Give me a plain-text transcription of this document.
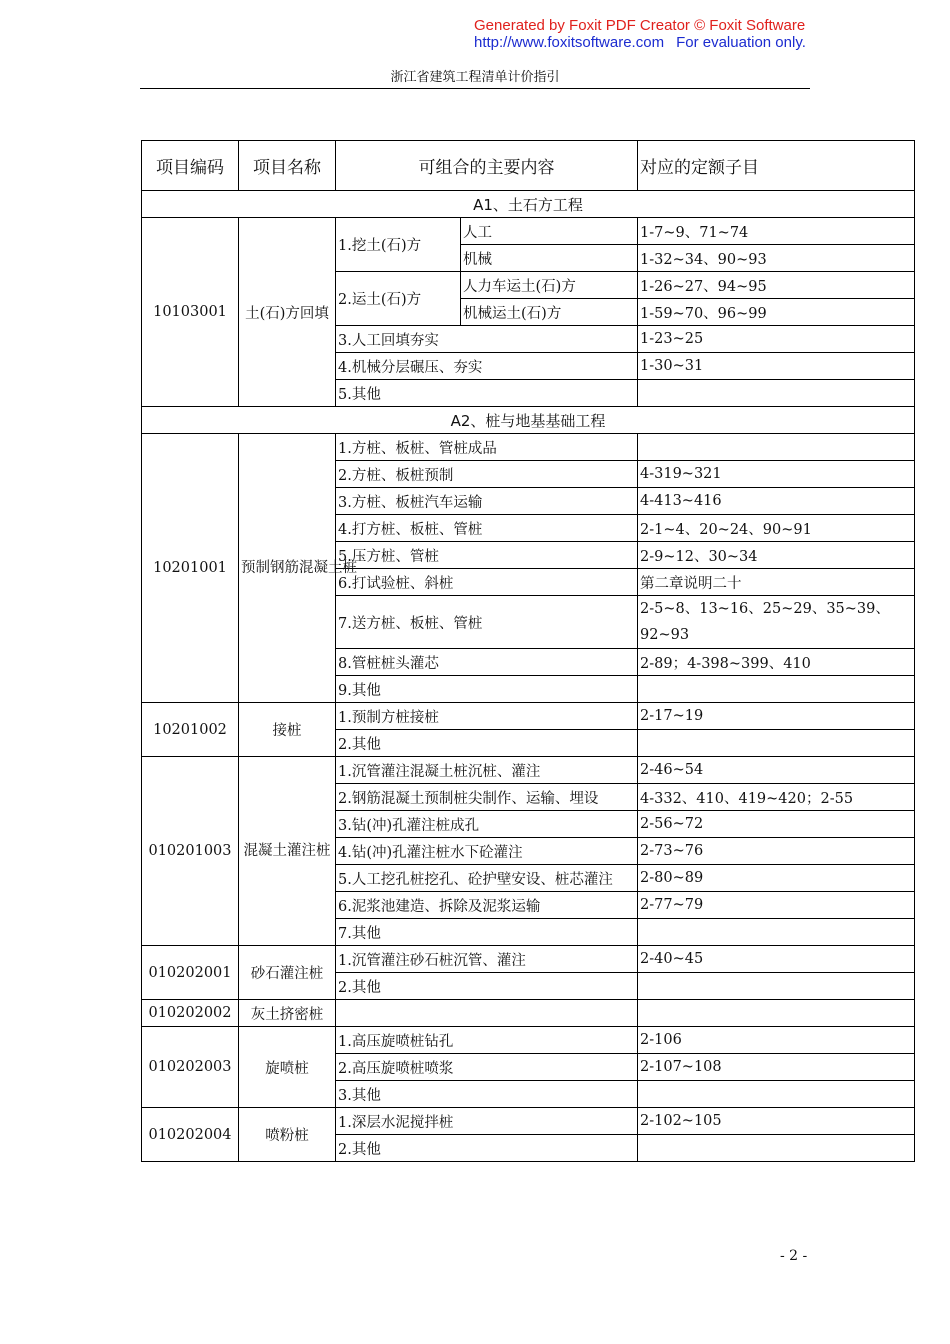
Generated by Foxit PDF Creator © Foxit Software
http://www.foxitsoftware.com For evaluation only.
浙江省建筑工程清单计价指引
项目编码	项目名称	可组合的主要内容		对应的定额子目
A1、土石方工程				
10103001	土(石)方回填	1.挖土(石)方	人工	1-7~9、71~74
			机械	1-32~34、90~93
		2.运土(石)方	人力车运土(石)方	1-26~27、94~95
			机械运土(石)方	1-59~70、96~99
		3.人工回填夯实		1-23~25
		4.机械分层碾压、夯实		1-30~31
		5.其他		
A2、桩与地基基础工程				
10201001	预制钢筋混凝土桩	1.方桩、板桩、管桩成品		
		2.方桩、板桩预制		4-319~321
		3.方桩、板桩汽车运输		4-413~416
		4.打方桩、板桩、管桩		2-1~4、20~24、90~91
		5.压方桩、管桩		2-9~12、30~34
		6.打试验桩、斜桩		第二章说明二十
		7.送方桩、板桩、管桩		2-5~8、13~16、25~29、35~39、92~93
		8.管桩桩头灌芯		2-89；4-398~399、410
		9.其他		
10201002	接桩	1.预制方桩接桩		2-17~19
		2.其他		
010201003	混凝土灌注桩	1.沉管灌注混凝土桩沉桩、灌注		2-46~54
		2.钢筋混凝土预制桩尖制作、运输、埋设		4-332、410、419~420；2-55
		3.钻(冲)孔灌注桩成孔		2-56~72
		4.钻(冲)孔灌注桩水下砼灌注		2-73~76
		5.人工挖孔桩挖孔、砼护壁安设、桩芯灌注		2-80~89
		6.泥浆池建造、拆除及泥浆运输		2-77~79
		7.其他		
010202001	砂石灌注桩	1.沉管灌注砂石桩沉管、灌注		2-40~45
		2.其他		
010202002	灰土挤密桩			
010202003	旋喷桩	1.高压旋喷桩钻孔		2-106
		2.高压旋喷桩喷浆		2-107~108
		3.其他		
010202004	喷粉桩	1.深层水泥搅拌桩		2-102~105
		2.其他		
- 2 -
